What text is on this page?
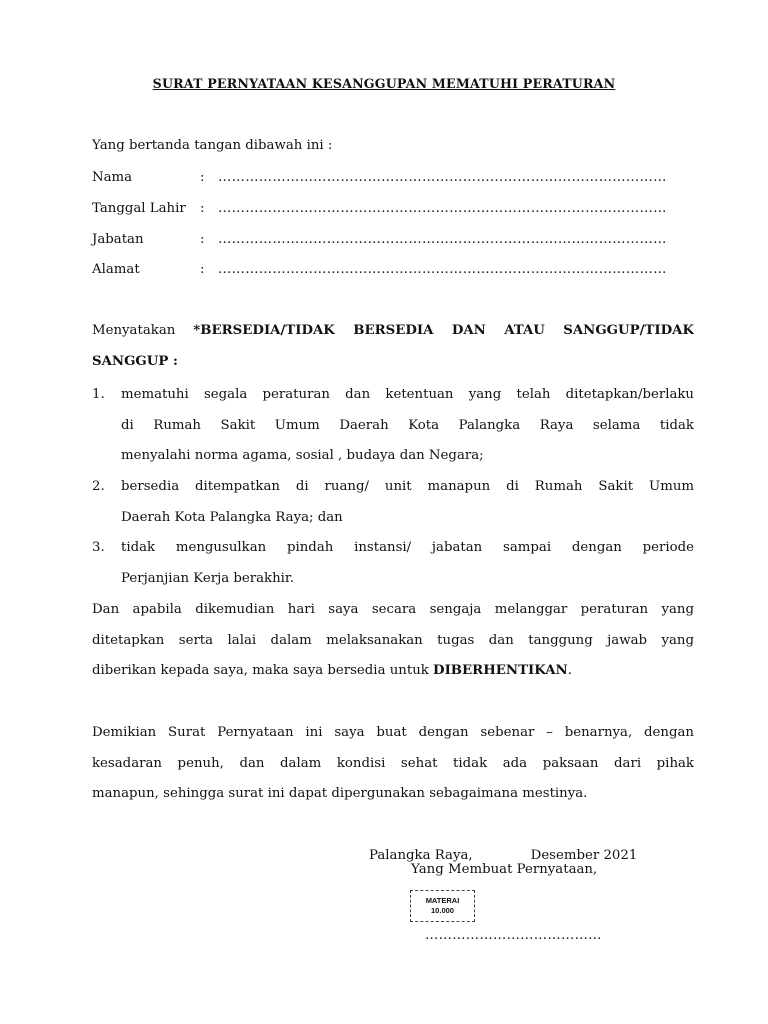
SURAT PERNYATAAN KESANGGUPAN MEMATUHI PERATURAN
Yang bertanda tangan dibawah ini :
Nama	: ………………………………………………………………………………………
Tanggal Lahir : ………………………………………………………………………………………
Jabatan	: ………………………………………………………………………………………
Alamat	: ………………………………………………………………………………………
Menyatakan *BERSEDIA/TIDAK BERSEDIA DAN ATAU SANGGUP/TIDAK
SANGGUP :
1.	mematuhi segala peraturan dan ketentuan yang telah ditetapkan/berlaku
di Rumah Sakit Umum Daerah Kota Palangka Raya selama tidak
menyalahi norma agama, sosial , budaya dan Negara;
2.	bersedia ditempatkan di ruang/ unit manapun di Rumah Sakit Umum
Daerah Kota Palangka Raya; dan
3.	tidak mengusulkan pindah instansi/ jabatan sampai dengan periode
Perjanjian Kerja berakhir.
Dan apabila dikemudian hari saya secara sengaja melanggar peraturan yang
ditetapkan serta lalai dalam melaksanakan tugas dan tanggung jawab yang
diberikan kepada saya, maka saya bersedia untuk DIBERHENTIKAN.
Demikian Surat Pernyataan ini saya buat dengan sebenar – benarnya, dengan
kesadaran penuh, dan dalam kondisi sehat tidak ada paksaan dari pihak
manapun, sehingga surat ini dapat dipergunakan sebagaimana mestinya.
Palangka Raya,	Desember 2021
Yang Membuat Pernyataan,
MATERAI
10.000
…………………………………
